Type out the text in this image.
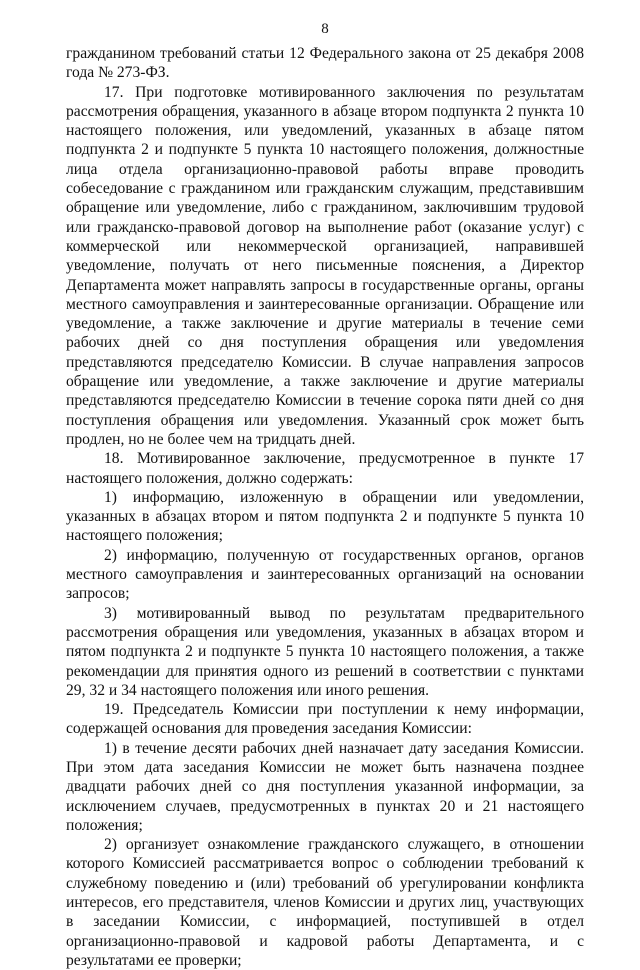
8

гражданином требований статьи 12 Федерального закона от 25 декабря 2008 года № 273-ФЗ.

17. При подготовке мотивированного заключения по результатам рассмотрения обращения, указанного в абзаце втором подпункта 2 пункта 10 настоящего положения, или уведомлений, указанных в абзаце пятом подпункта 2 и подпункте 5 пункта 10 настоящего положения, должностные лица отдела организационно-правовой работы вправе проводить собеседование с гражданином или гражданским служащим, представившим обращение или уведомление, либо с гражданином, заключившим трудовой или гражданско-правовой договор на выполнение работ (оказание услуг) с коммерческой или некоммерческой организацией, направившей уведомление, получать от него письменные пояснения, а Директор Департамента может направлять запросы в государственные органы, органы местного самоуправления и заинтересованные организации. Обращение или уведомление, а также заключение и другие материалы в течение семи рабочих дней со дня поступления обращения или уведомления представляются председателю Комиссии. В случае направления запросов обращение или уведомление, а также заключение и другие материалы представляются председателю Комиссии в течение сорока пяти дней со дня поступления обращения или уведомления. Указанный срок может быть продлен, но не более чем на тридцать дней.

18. Мотивированное заключение, предусмотренное в пункте 17 настоящего положения, должно содержать:

1) информацию, изложенную в обращении или уведомлении, указанных в абзацах втором и пятом подпункта 2 и подпункте 5 пункта 10 настоящего положения;

2) информацию, полученную от государственных органов, органов местного самоуправления и заинтересованных организаций на основании запросов;

3) мотивированный вывод по результатам предварительного рассмотрения обращения или уведомления, указанных в абзацах втором и пятом подпункта 2 и подпункте 5 пункта 10 настоящего положения, а также рекомендации для принятия одного из решений в соответствии с пунктами 29, 32 и 34 настоящего положения или иного решения.

19. Председатель Комиссии при поступлении к нему информации, содержащей основания для проведения заседания Комиссии:

1) в течение десяти рабочих дней назначает дату заседания Комиссии. При этом дата заседания Комиссии не может быть назначена позднее двадцати рабочих дней со дня поступления указанной информации, за исключением случаев, предусмотренных в пунктах 20 и 21 настоящего положения;

2) организует ознакомление гражданского служащего, в отношении которого Комиссией рассматривается вопрос о соблюдении требований к служебному поведению и (или) требований об урегулировании конфликта интересов, его представителя, членов Комиссии и других лиц, участвующих в заседании Комиссии, с информацией, поступившей в отдел организационно-правовой и кадровой работы Департамента, и с результатами ее проверки;
